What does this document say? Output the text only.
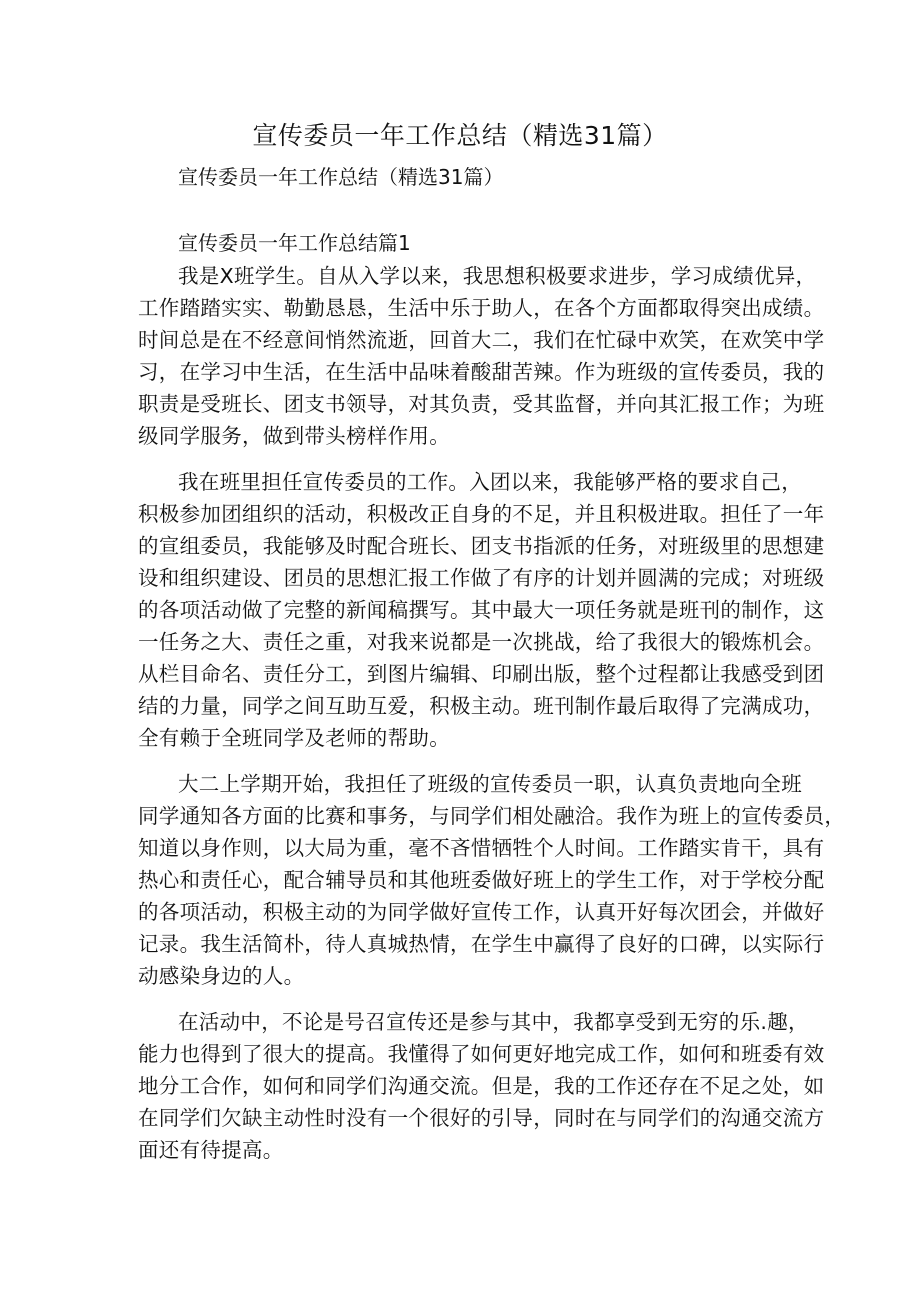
宣传委员一年工作总结（精选31篇）

宣传委员一年工作总结（精选31篇）

宣传委员一年工作总结篇1

我是X班学生。自从入学以来，我思想积极要求进步，学习成绩优异，
工作踏踏实实、勒勤恳恳，生活中乐于助人，在各个方面都取得突出成绩。
时间总是在不经意间悄然流逝，回首大二，我们在忙碌中欢笑，在欢笑中学
习，在学习中生活，在生活中品味着酸甜苦辣。作为班级的宣传委员，我的
职责是受班长、团支书领导，对其负责，受其监督，并向其汇报工作；为班
级同学服务，做到带头榜样作用。
我在班里担任宣传委员的工作。入团以来，我能够严格的要求自己，
积极参加团组织的活动，积极改正自身的不足，并且积极进取。担任了一年
的宣组委员，我能够及时配合班长、团支书指派的任务，对班级里的思想建
设和组织建设、团员的思想汇报工作做了有序的计划并圆满的完成；对班级
的各项活动做了完整的新闻稿撰写。其中最大一项任务就是班刊的制作，这
一任务之大、责任之重，对我来说都是一次挑战，给了我很大的锻炼机会。
从栏目命名、责任分工，到图片编辑、印刷出版，整个过程都让我感受到团
结的力量，同学之间互助互爱，积极主动。班刊制作最后取得了完满成功，
全有赖于全班同学及老师的帮助。
大二上学期开始，我担任了班级的宣传委员一职，认真负责地向全班
同学通知各方面的比赛和事务，与同学们相处融洽。我作为班上的宣传委员，
知道以身作则，以大局为重，毫不吝惜牺牲个人时间。工作踏实肯干，具有
热心和责任心，配合辅导员和其他班委做好班上的学生工作，对于学校分配
的各项活动，积极主动的为同学做好宣传工作，认真开好每次团会，并做好
记录。我生活简朴，待人真城热情，在学生中赢得了良好的口碑，以实际行
动感染身边的人。
在活动中，不论是号召宣传还是参与其中，我都享受到无穷的乐.趣，
能力也得到了很大的提高。我懂得了如何更好地完成工作，如何和班委有效
地分工合作，如何和同学们沟通交流。但是，我的工作还存在不足之处，如
在同学们欠缺主动性时没有一个很好的引导，同时在与同学们的沟通交流方
面还有待提高。
